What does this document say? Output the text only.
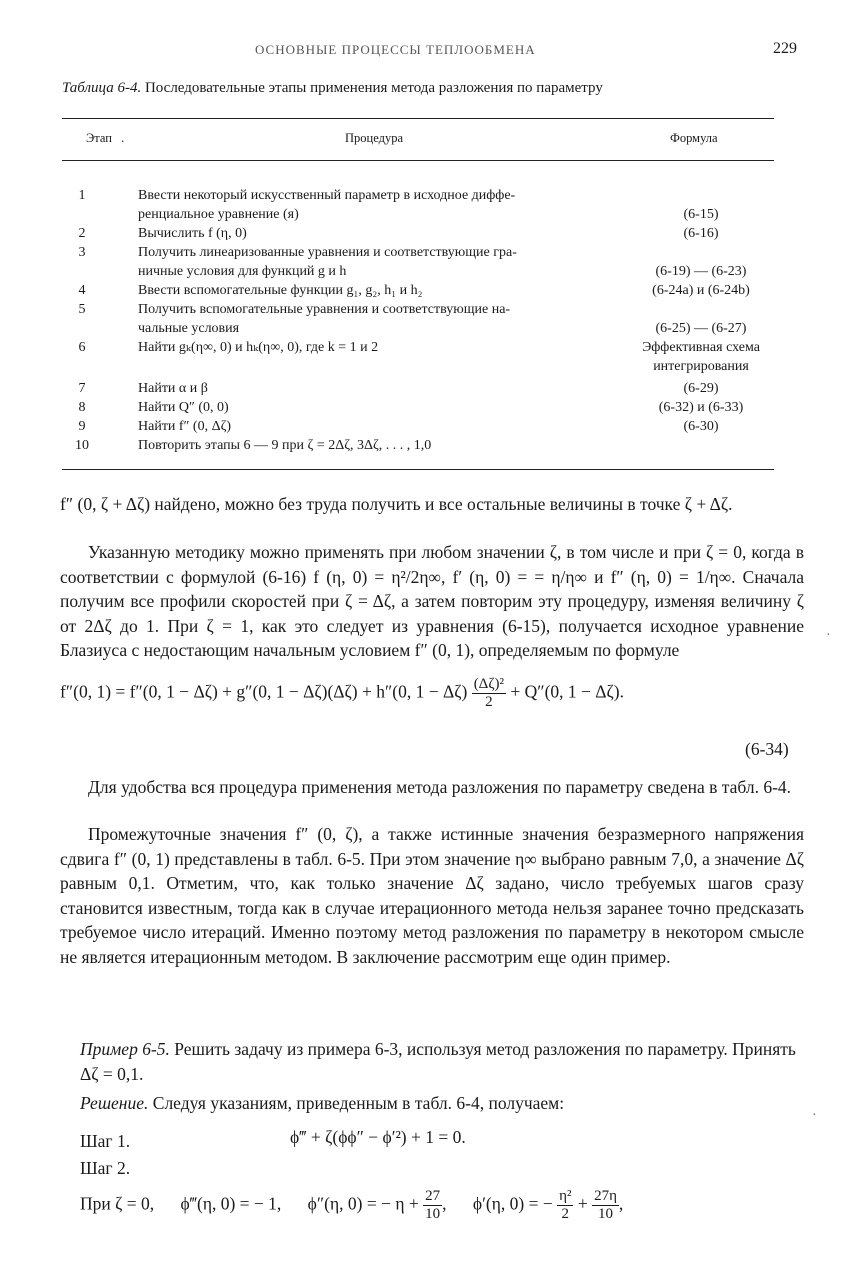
ОСНОВНЫЕ ПРОЦЕССЫ ТЕПЛООБМЕНА	229
Таблица 6-4. Последовательные этапы применения метода разложения по параметру
Этап .	Процедура	Формула
1	Ввести некоторый искусственный параметр в исходное диффе-	
	ренциальное уравнение (я)	(6-15)
2	Вычислить f (η, 0)	(6-16)
3	Получить линеаризованные уравнения и соответствующие гра-	
	ничные условия для функций g и h	(6-19) — (6-23)
4	Ввести вспомогательные функции g₁, g₂, h₁ и h₂	(6-24a) и (6-24b)
5	Получить вспомогательные уравнения и соответствующие на-	
	чальные условия	(6-25) — (6-27)
6	Найти gₖ(η∞, 0) и hₖ(η∞, 0), где k = 1 и 2	Эффективная схема
		интегрирования
7	Найти α и β	(6-29)
8	Найти Q″ (0, 0)	(6-32) и (6-33)
9	Найти f″ (0, Δζ)	(6-30)
10	Повторить этапы 6 — 9 при ζ = 2Δζ, 3Δζ, . . . , 1,0	

f″ (0, ζ + Δζ) найдено, можно без труда получить и все остальные величины в точке ζ + Δζ.

Указанную методику можно применять при любом значении ζ, в том числе и при ζ = 0, когда в соответствии с формулой (6-16) f (η, 0) = η²/2η∞, f′ (η, 0) = = η/η∞ и f″ (η, 0) = 1/η∞. Сначала получим все профили скоростей при ζ = Δζ, а затем повторим эту процедуру, изменяя величину ζ от 2Δζ до 1. При ζ = 1, как это следует из уравнения (6-15), получается исходное уравнение Блазиуса с недостающим начальным условием f″ (0, 1), определяемым по формуле

f″(0, 1) = f″(0, 1 − Δζ) + g″(0, 1 − Δζ)(Δζ) + h″(0, $1 - \Delta\zeta) \frac{\text{(Δζ)²}}{2} + Q''(0$, 1 − Δζ).
(6-34)

Для удобства вся процедура применения метода разложения по параметру сведена в табл. 6-4.

Промежуточные значения f″ (0, ζ), а также истинные значения безразмерного напряжения сдвига f″ (0, 1) представлены в табл. 6-5. При этом значение η∞ выбрано равным 7,0, а значение Δζ равным 0,1. Отметим, что, как только значение Δζ задано, число требуемых шагов сразу становится известным, тогда как в случае итерационного метода нельзя заранее точно предсказать требуемое число итераций. Именно поэтому метод разложения по параметру в некотором смысле не является итерационным методом. В заключение рассмотрим еще один пример.

Пример 6-5. Решить задачу из примера 6-3, используя метод разложения по параметру. Принять Δζ = 0,1.

Решение. Следуя указаниям, приведенным в табл. 6-4, получаем:

Шаг 1.	ϕ‴ + ζ(ϕϕ″ − ϕ′²) + 1 = 0.
Шаг 2.
При ζ = 0, ϕ‴(η, 0) = − 1, ϕ″(η, 0) = − $\eta + \frac{27}{10}$, ϕ′(η, 0) = − $\frac{\text{η²}}{2} + \frac{27\eta}{10}$,
·
·
